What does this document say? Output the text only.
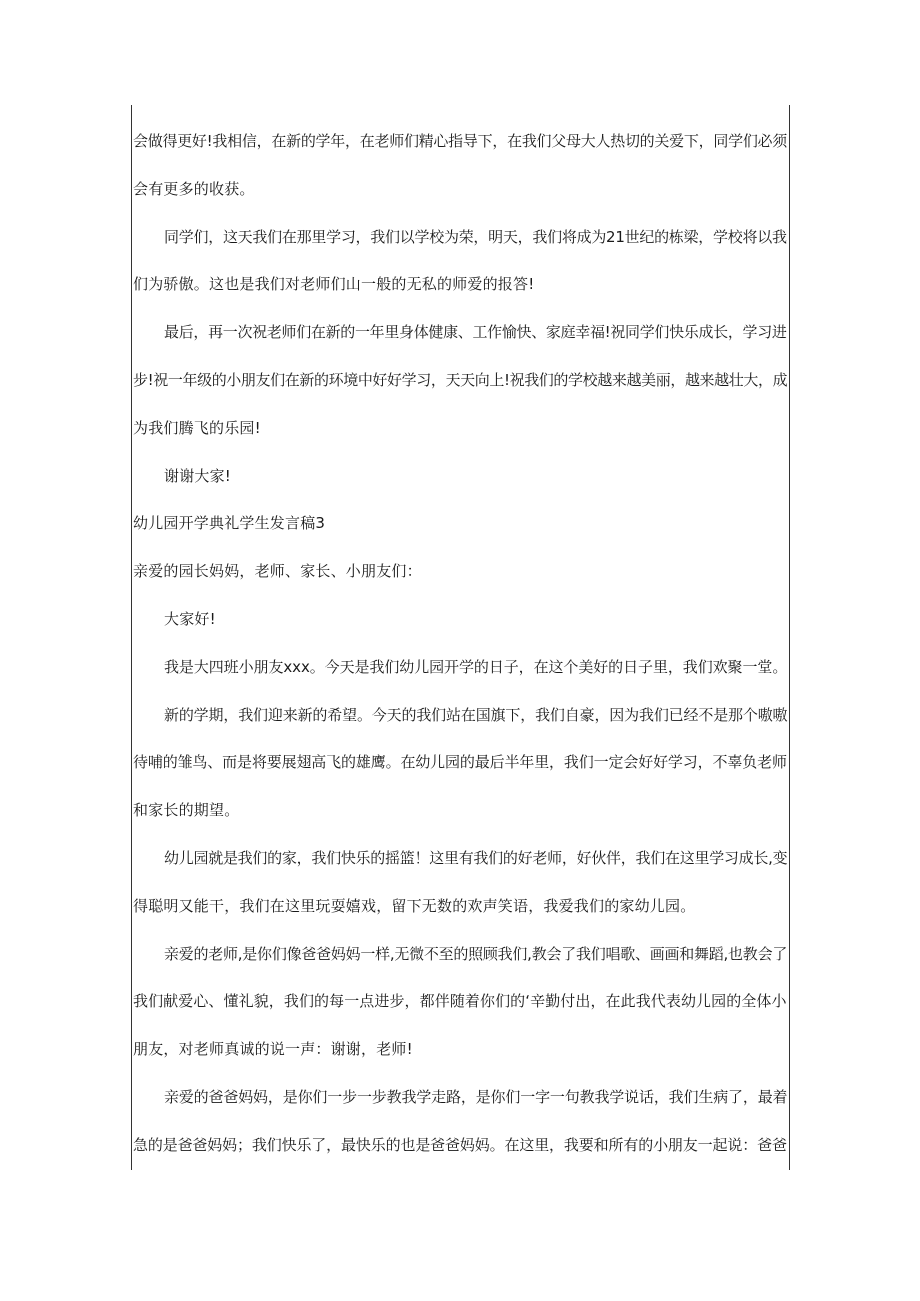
会做得更好!我相信，在新的学年，在老师们精心指导下，在我们父母大人热切的关爱下，同学们必须

会有更多的收获。

同学们，这天我们在那里学习，我们以学校为荣，明天，我们将成为21世纪的栋梁，学校将以我

们为骄傲。这也是我们对老师们山一般的无私的师爱的报答!

最后，再一次祝老师们在新的一年里身体健康、工作愉快、家庭幸福!祝同学们快乐成长，学习进

步!祝一年级的小朋友们在新的环境中好好学习，天天向上!祝我们的学校越来越美丽，越来越壮大，成

为我们腾飞的乐园!

谢谢大家!

幼儿园开学典礼学生发言稿3

亲爱的园长妈妈，老师、家长、小朋友们：

大家好!

我是大四班小朋友xxx。今天是我们幼儿园开学的日子，在这个美好的日子里，我们欢聚一堂。

新的学期，我们迎来新的希望。今天的我们站在国旗下，我们自豪，因为我们已经不是那个嗷嗷

待哺的雏鸟、而是将要展翅高飞的雄鹰。在幼儿园的最后半年里，我们一定会好好学习，不辜负老师

和家长的期望。

幼儿园就是我们的家，我们快乐的摇篮！这里有我们的好老师，好伙伴，我们在这里学习成长,变

得聪明又能干，我们在这里玩耍嬉戏，留下无数的欢声笑语，我爱我们的家幼儿园。

亲爱的老师,是你们像爸爸妈妈一样,无微不至的照顾我们,教会了我们唱歌、画画和舞蹈,也教会了

我们献爱心、懂礼貌，我们的每一点进步，都伴随着你们的‘辛勤付出，在此我代表幼儿园的全体小

朋友，对老师真诚的说一声：谢谢，老师!

亲爱的爸爸妈妈，是你们一步一步教我学走路，是你们一字一句教我学说话，我们生病了，最着

急的是爸爸妈妈；我们快乐了，最快乐的也是爸爸妈妈。在这里，我要和所有的小朋友一起说：爸爸
